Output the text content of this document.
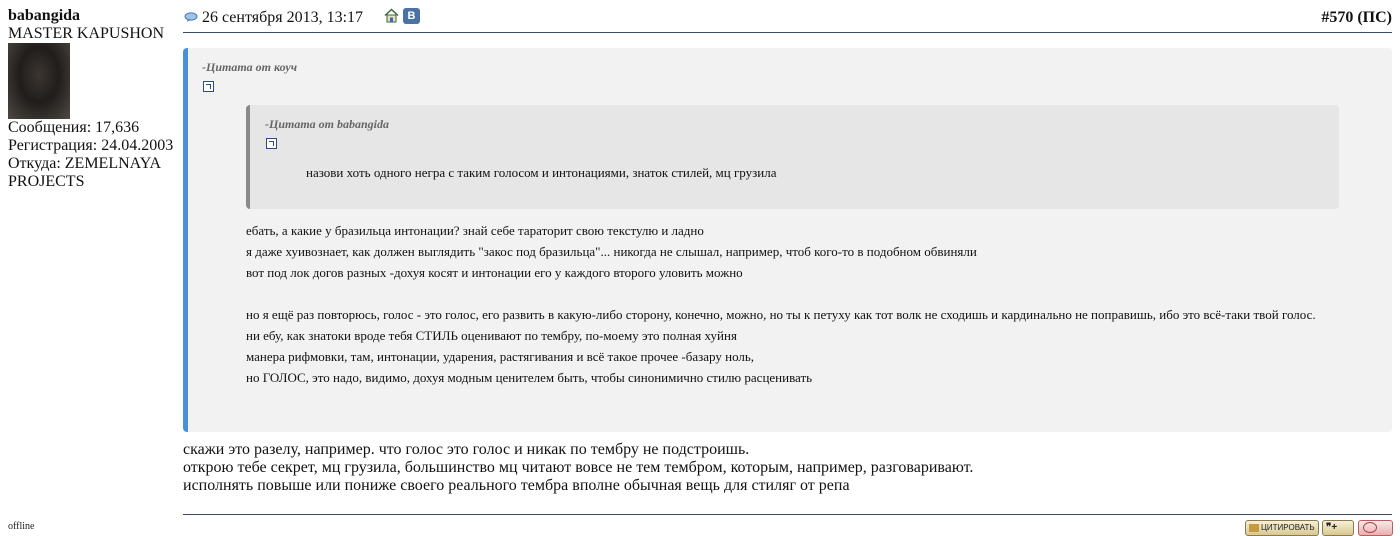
babangida
MASTER KAPUSHON
Сообщения: 17,636
Регистрация: 24.04.2003
Откуда: ZEMELNAYA PROJECTS
offline
26 сентября 2013, 13:17	В	#570 (ПС)
-Цитата от коуч
-Цитата от babangida
назови хоть одного негра с таким голосом и интонациями, знаток стилей, мц грузила
ебать, а какие у бразильца интонации? знай себе тараторит свою текстулю и ладно
я даже хуивознает, как должен выглядить "закос под бразильца"... никогда не слышал, например, чтоб кого-то в подобном обвиняли
вот под лок догов разных -дохуя косят и интонации его у каждого второго уловить можно
но я ещё раз повторюсь, голос - это голос, его развить в какую-либо сторону, конечно, можно, но ты к петуху как тот волк не сходишь и кардинально не поправишь, ибо это всё-таки твой голос.
ни ебу, как знатоки вроде тебя СТИЛЬ оценивают по тембру, по-моему это полная хуйня
манера рифмовки, там, интонации, ударения, растягивания и всё такое прочее -базару ноль,
но ГОЛОС, это надо, видимо, дохуя модным ценителем быть, чтобы синонимично стилю расценивать
скажи это разелу, например. что голос это голос и никак по тембру не подстроишь.
открою тебе секрет, мц грузила, большинство мц читают вовсе не тем тембром, которым, например, разговаривают.
исполнять повыше или пониже своего реального тембра вполне обычная вещь для стиляг от репа
ЦИТИРОВАТЬ	❞+
